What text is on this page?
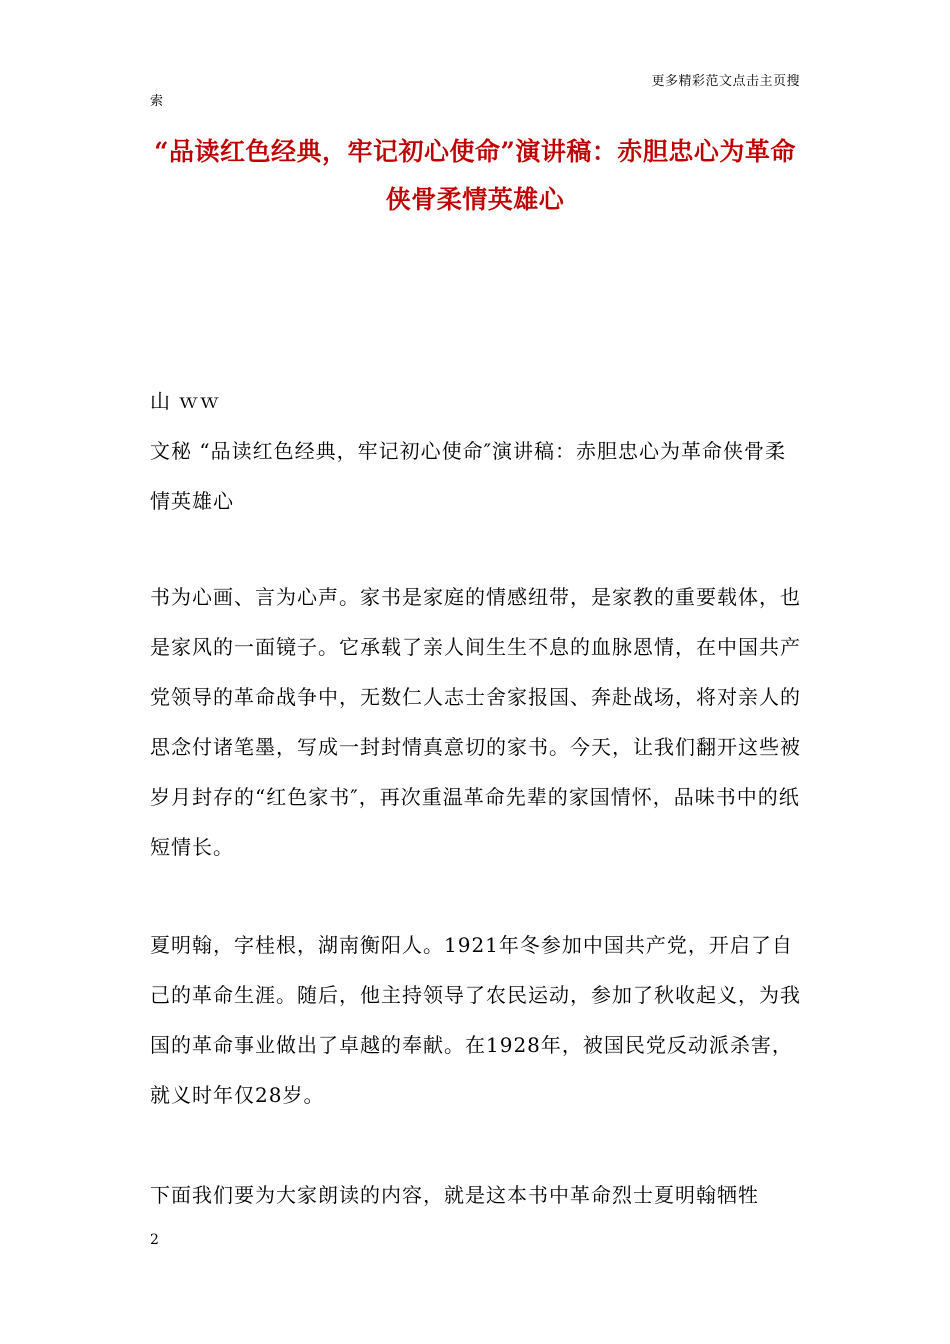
更多精彩范文点击主页搜
索
“品读红色经典，牢记初心使命”演讲稿：赤胆忠心为革命侠骨柔情英雄心

山 ｗｗ

文秘 “品读红色经典，牢记初心使命″演讲稿：赤胆忠心为革命侠骨柔情英雄心

书为心画、言为心声。家书是家庭的情感纽带，是家教的重要载体，也是家风的一面镜子。它承载了亲人间生生不息的血脉恩情，在中国共产党领导的革命战争中，无数仁人志士舍家报国、奔赴战场，将对亲人的思念付诸笔墨，写成一封封情真意切的家书。今天，让我们翻开这些被岁月封存的“红色家书″，再次重温革命先辈的家国情怀，品味书中的纸短情长。

夏明翰，字桂根，湖南衡阳人。1921年冬参加中国共产党，开启了自己的革命生涯。随后，他主持领导了农民运动，参加了秋收起义，为我国的革命事业做出了卓越的奉献。在1928年，被国民党反动派杀害，就义时年仅28岁。

下面我们要为大家朗读的内容，就是这本书中革命烈士夏明翰牺牲

2
